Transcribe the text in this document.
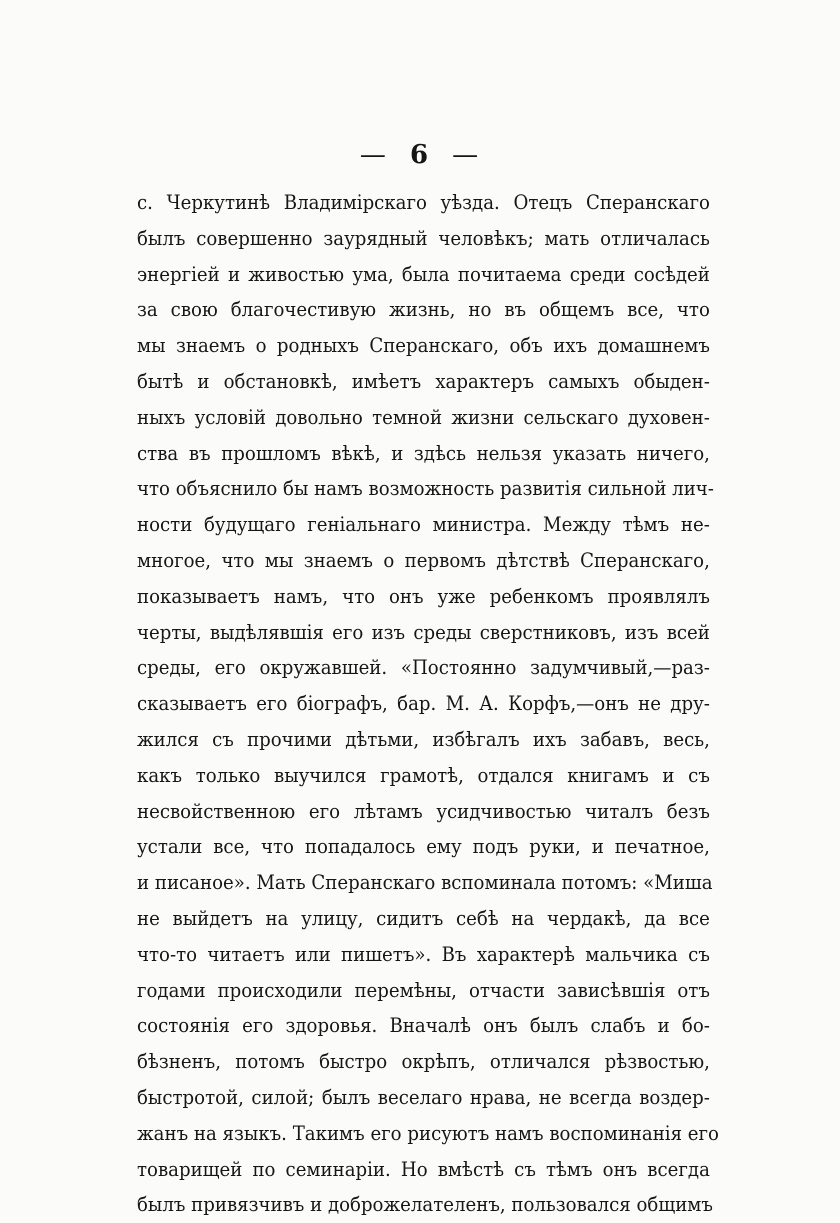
— 6 —
с. Черкутинѣ Владимірскаго уѣзда. Отецъ Сперанскаго
былъ совершенно заурядный человѣкъ; мать отличалась
энергіей и живостью ума, была почитаема среди сосѣдей
за свою благочестивую жизнь, но въ общемъ все, что
мы знаемъ о родныхъ Сперанскаго, объ ихъ домашнемъ
бытѣ и обстановкѣ, имѣетъ характеръ самыхъ обыден-
ныхъ условій довольно темной жизни сельскаго духовен-
ства въ прошломъ вѣкѣ, и здѣсь нельзя указать ничего,
что объяснило бы намъ возможность развитія сильной лич-
ности будущаго геніальнаго министра. Между тѣмъ не-
многое, что мы знаемъ о первомъ дѣтствѣ Сперанскаго,
показываетъ намъ, что онъ уже ребенкомъ проявлялъ
черты, выдѣлявшія его изъ среды сверстниковъ, изъ всей
среды, его окружавшей. «Постоянно задумчивый,—раз-
сказываетъ его біографъ, бар. М. А. Корфъ,—онъ не дру-
жился съ прочими дѣтьми, избѣгалъ ихъ забавъ, весь,
какъ только выучился грамотѣ, отдался книгамъ и съ
несвойственною его лѣтамъ усидчивостью читалъ безъ
устали все, что попадалось ему подъ руки, и печатное,
и писаное». Мать Сперанскаго вспоминала потомъ: «Миша
не выйдетъ на улицу, сидитъ себѣ на чердакѣ, да все
что-то читаетъ или пишетъ». Въ характерѣ мальчика съ
годами происходили перемѣны, отчасти зависѣвшія отъ
состоянія его здоровья. Вначалѣ онъ былъ слабъ и бо-
бѣзненъ, потомъ быстро окрѣпъ, отличался рѣзвостью,
быстротой, силой; былъ веселаго нрава, не всегда воздер-
жанъ на языкъ. Такимъ его рисуютъ намъ воспоминанія его
товарищей по семинаріи. Но вмѣстѣ съ тѣмъ онъ всегда
былъ привязчивъ и доброжелателенъ, пользовался общимъ
